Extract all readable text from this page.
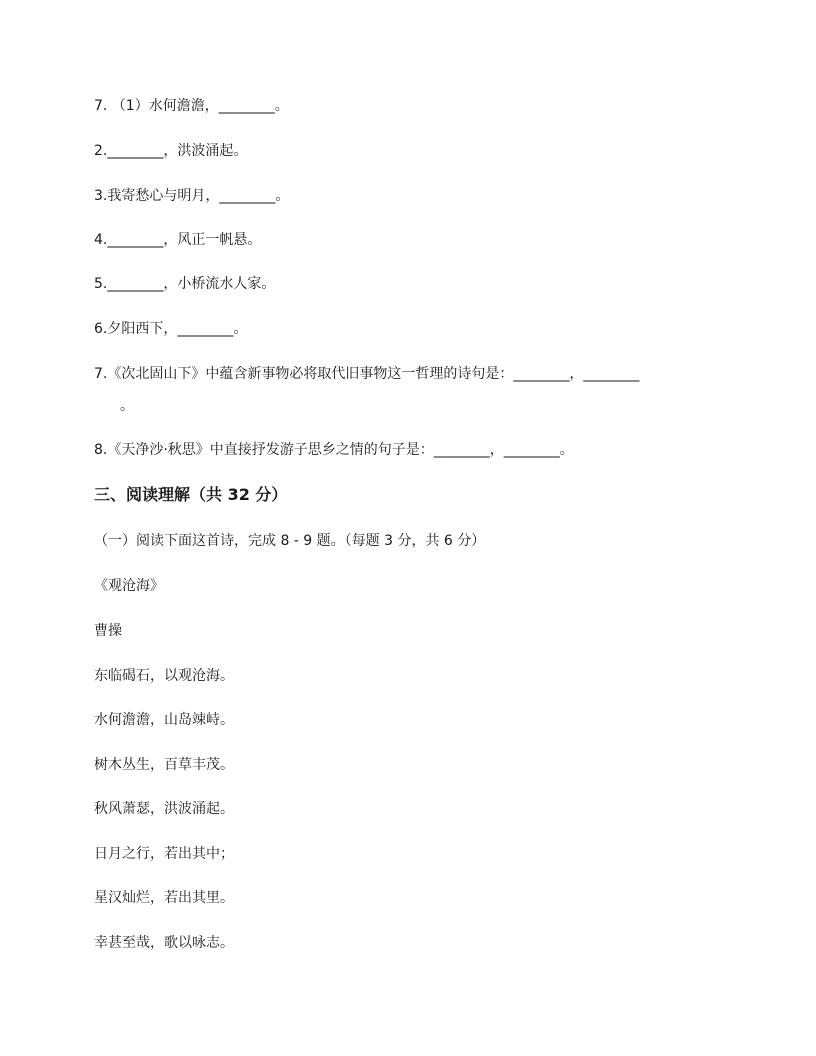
7. （1）水何澹澹，________。
2.________，洪波涌起。
3.我寄愁心与明月，________。
4.________，风正一帆悬。
5.________，小桥流水人家。
6.夕阳西下，________。
7.《次北固山下》中蕴含新事物必将取代旧事物这一哲理的诗句是：________，________
。
8.《天净沙·秋思》中直接抒发游子思乡之情的句子是：________，________。
三、阅读理解（共 32 分）
（一）阅读下面这首诗，完成 8 - 9 题。（每题 3 分，共 6 分）
《观沧海》
曹操
东临碣石，以观沧海。
水何澹澹，山岛竦峙。
树木丛生，百草丰茂。
秋风萧瑟，洪波涌起。
日月之行，若出其中；
星汉灿烂，若出其里。
幸甚至哉，歌以咏志。
